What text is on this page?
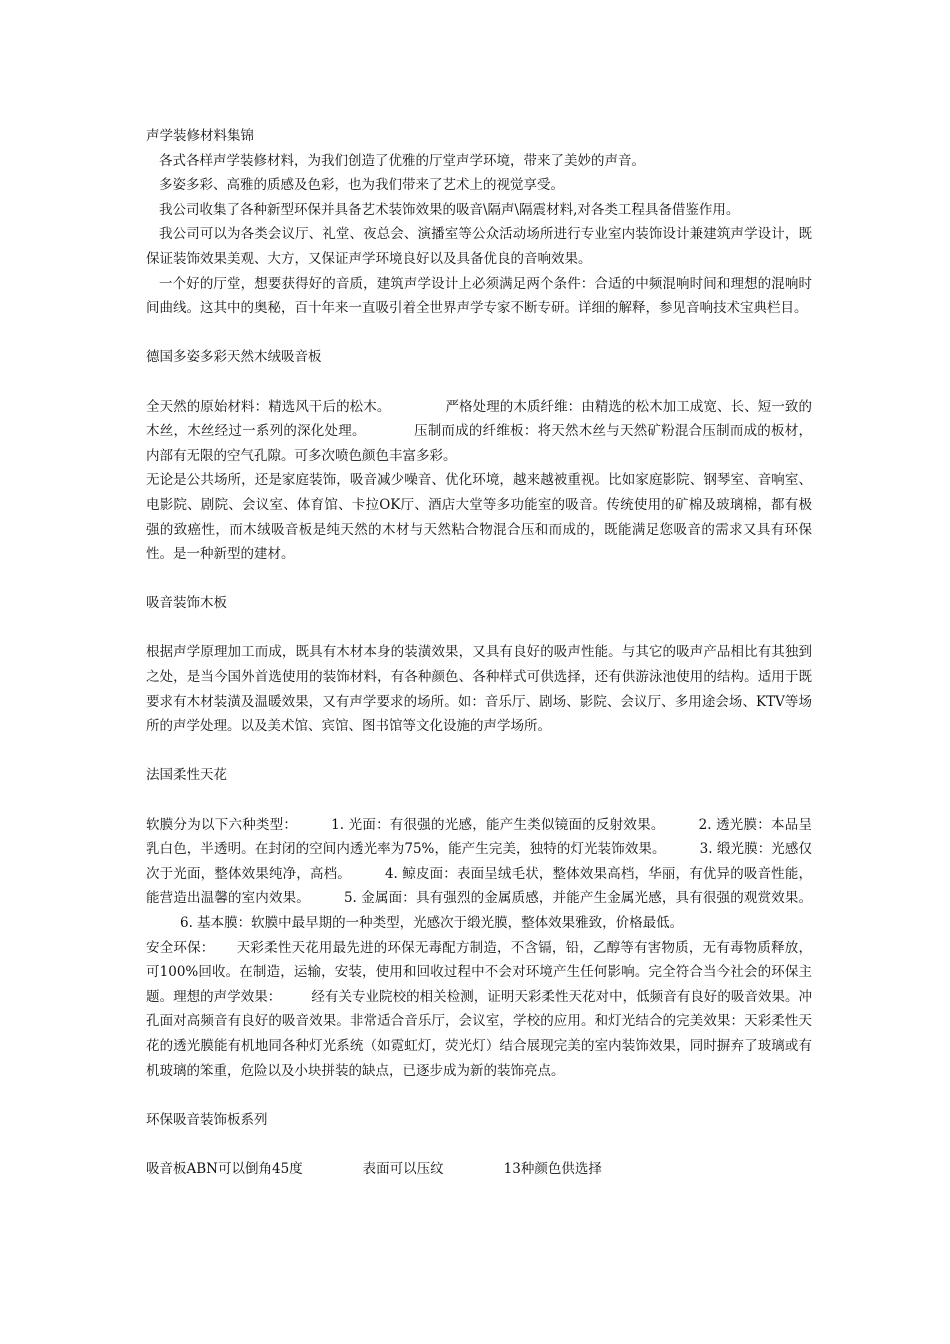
声学装修材料集锦

各式各样声学装修材料，为我们创造了优雅的厅堂声学环境，带来了美妙的声音。

多姿多彩、高雅的质感及色彩，也为我们带来了艺术上的视觉享受。

我公司收集了各种新型环保并具备艺术装饰效果的吸音\隔声\隔震材料,对各类工程具备借鉴作用。

我公司可以为各类会议厅、礼堂、夜总会、演播室等公众活动场所进行专业室内装饰设计兼建筑声学设计，既保证装饰效果美观、大方，又保证声学环境良好以及具备优良的音响效果。

一个好的厅堂，想要获得好的音质，建筑声学设计上必须满足两个条件：合适的中频混响时间和理想的混响时间曲线。这其中的奥秘，百十年来一直吸引着全世界声学专家不断专研。详细的解释，参见音响技术宝典栏目。

德国多姿多彩天然木绒吸音板

全天然的原始材料：精选风干后的松木。	严格处理的木质纤维：由精选的松木加工成宽、长、短一致的木丝，木丝经过一系列的深化处理。	压制而成的纤维板：将天然木丝与天然矿粉混合压制而成的板材，内部有无限的空气孔隙。可多次喷色颜色丰富多彩。

无论是公共场所，还是家庭装饰，吸音减少噪音、优化环境，越来越被重视。比如家庭影院、钢琴室、音响室、电影院、剧院、会议室、体育馆、卡拉OK厅、酒店大堂等多功能室的吸音。传统使用的矿棉及玻璃棉，都有极强的致癌性，而木绒吸音板是纯天然的木材与天然粘合物混合压和而成的，既能满足您吸音的需求又具有环保性。是一种新型的建材。

吸音装饰木板

根据声学原理加工而成，既具有木材本身的装潢效果，又具有良好的吸声性能。与其它的吸声产品相比有其独到之处，是当今国外首选使用的装饰材料，有各种颜色、各种样式可供选择，还有供游泳池使用的结构。适用于既要求有木材装潢及温暖效果，又有声学要求的场所。如：音乐厅、剧场、影院、会议厅、多用途会场、KTV等场所的声学处理。以及美术馆、宾馆、图书馆等文化设施的声学场所。

法国柔性天花

软膜分为以下六种类型：	1. 光面：有很强的光感，能产生类似镜面的反射效果。	2. 透光膜：本品呈乳白色，半透明。在封闭的空间内透光率为75%，能产生完美，独特的灯光装饰效果。	3. 缎光膜：光感仅次于光面，整体效果纯净，高档。	4. 鲸皮面：表面呈绒毛状，整体效果高档，华丽，有优异的吸音性能，能营造出温馨的室内效果。	5. 金属面：具有强烈的金属质感，并能产生金属光感，具有很强的观赏效果。6. 基本膜：软膜中最早期的一种类型，光感次于缎光膜，整体效果雅致，价格最低。

安全环保： 天彩柔性天花用最先进的环保无毒配方制造，不含镉，铅，乙醇等有害物质，无有毒物质释放，可100%回收。在制造，运输，安装，使用和回收过程中不会对环境产生任何影响。完全符合当今社会的环保主题。理想的声学效果： 经有关专业院校的相关检测，证明天彩柔性天花对中，低频音有良好的吸音效果。冲孔面对高频音有良好的吸音效果。非常适合音乐厅，会议室，学校的应用。和灯光结合的完美效果：天彩柔性天花的透光膜能有机地同各种灯光系统（如霓虹灯，荧光灯）结合展现完美的室内装饰效果，同时摒弃了玻璃或有机玻璃的笨重，危险以及小块拼装的缺点，已逐步成为新的装饰亮点。

环保吸音装饰板系列

吸音板ABN可以倒角45度	表面可以压纹	13种颜色供选择
